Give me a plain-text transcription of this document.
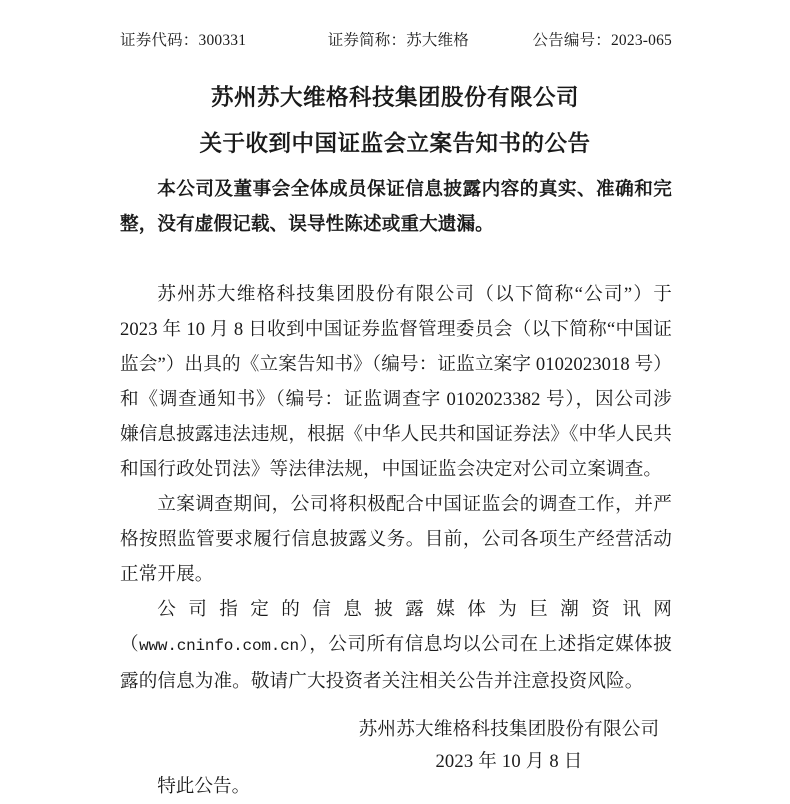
证券代码：300331	证券简称：苏大维格	公告编号：2023-065
苏州苏大维格科技集团股份有限公司
关于收到中国证监会立案告知书的公告

本公司及董事会全体成员保证信息披露内容的真实、准确和完整，没有虚假记载、误导性陈述或重大遗漏。

苏州苏大维格科技集团股份有限公司（以下简称“公司”）于 2023 年 10 月 8 日收到中国证券监督管理委员会（以下简称“中国证监会”）出具的《立案告知书》（编号：证监立案字 0102023018 号）和《调查通知书》（编号：证监调查字 0102023382 号），因公司涉嫌信息披露违法违规，根据《中华人民共和国证券法》《中华人民共和国行政处罚法》等法律法规，中国证监会决定对公司立案调查。

立案调查期间，公司将积极配合中国证监会的调查工作，并严格按照监管要求履行信息披露义务。目前，公司各项生产经营活动正常开展。

公司指定的信息披露媒体为巨潮资讯网（www.cninfo.com.cn），公司所有信息均以公司在上述指定媒体披露的信息为准。敬请广大投资者关注相关公告并注意投资风险。

特此公告。

苏州苏大维格科技集团股份有限公司
2023 年 10 月 8 日
